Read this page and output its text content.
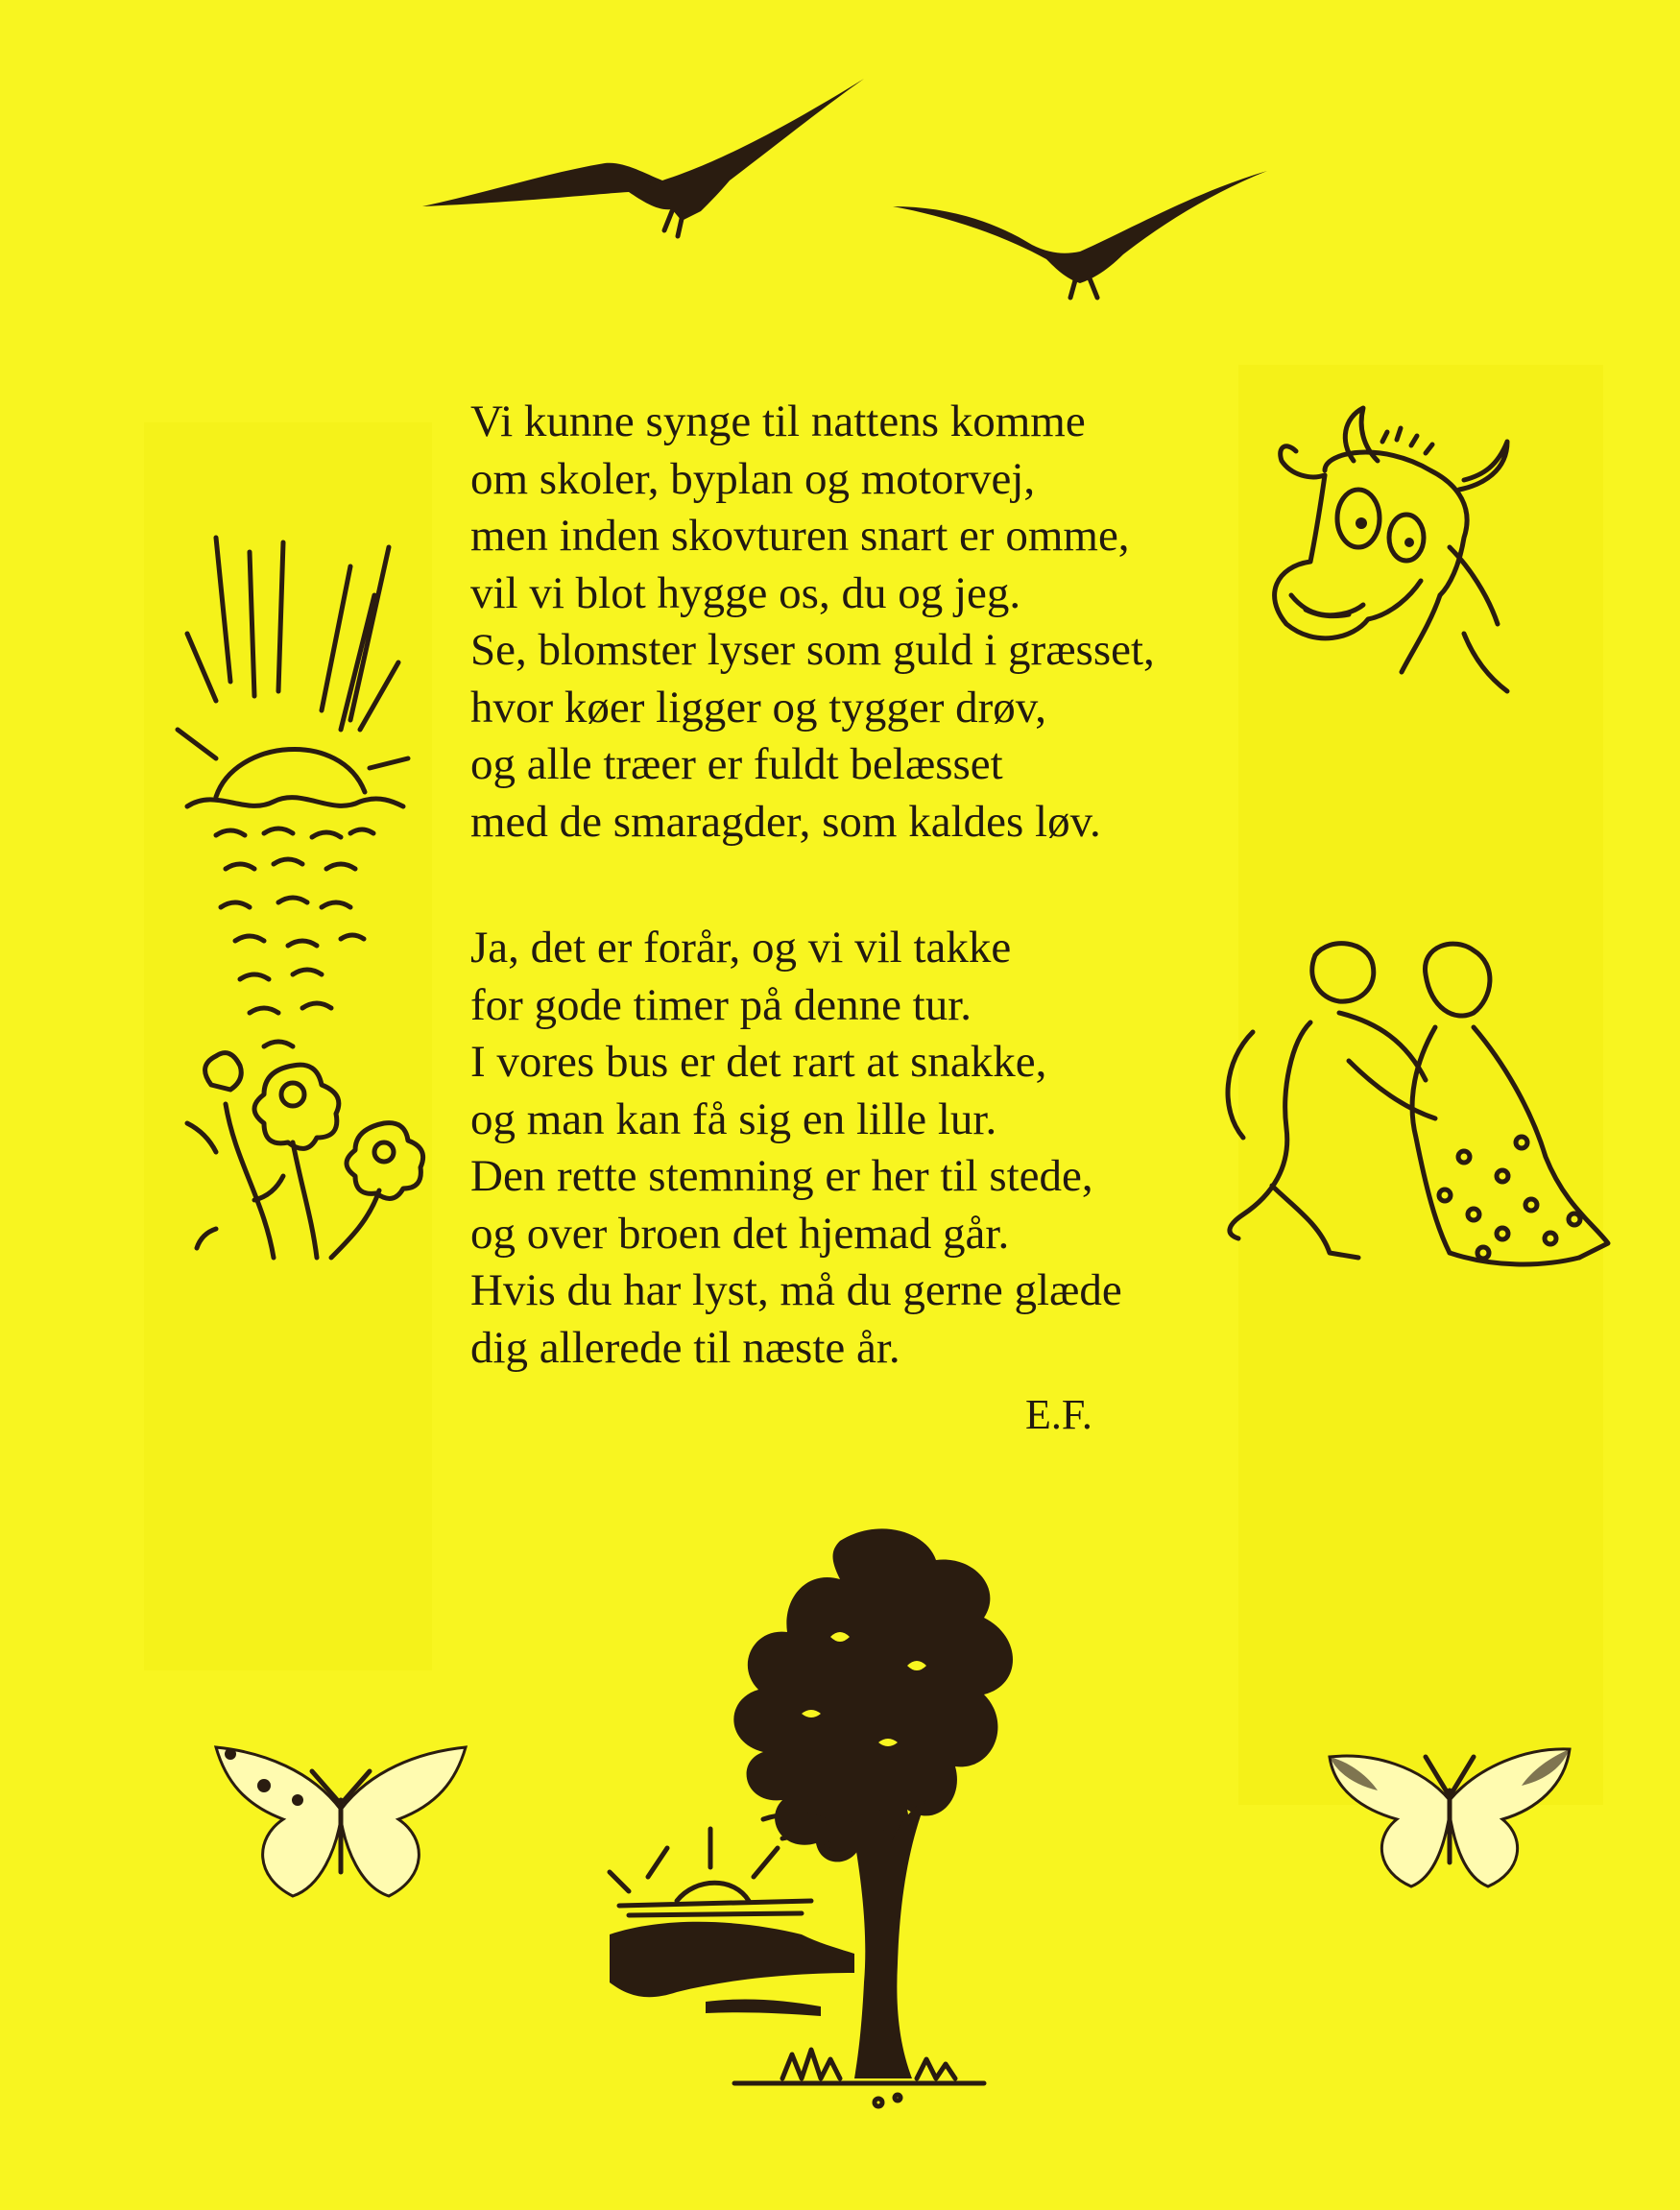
Vi kunne synge til nattens komme
om skoler, byplan og motorvej,
men inden skovturen snart er omme,
vil vi blot hygge os, du og jeg.
Se, blomster lyser som guld i græsset,
hvor køer ligger og tygger drøv,
og alle træer er fuldt belæsset
med de smaragder, som kaldes løv.

Ja, det er forår, og vi vil takke
for gode timer på denne tur.
I vores bus er det rart at snakke,
og man kan få sig en lille lur.
Den rette stemning er her til stede,
og over broen det hjemad går.
Hvis du har lyst, må du gerne glæde
dig allerede til næste år.

E.F.
